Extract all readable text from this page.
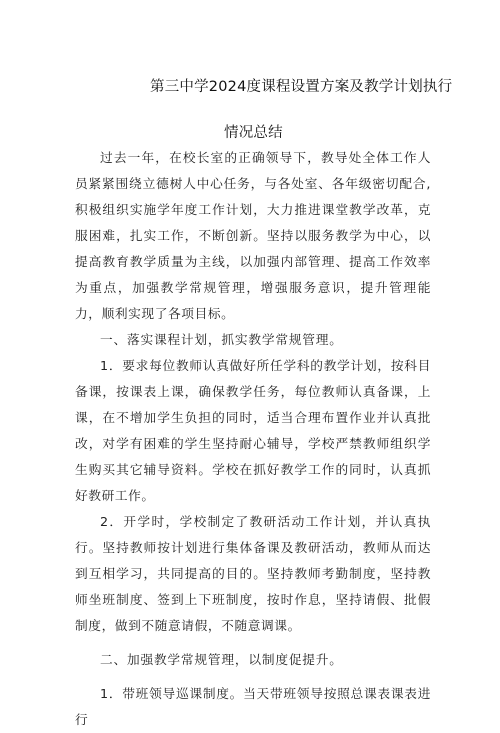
第三中学2024度课程设置方案及教学计划执行
情况总结

过去一年，在校长室的正确领导下，教导处全体工作人员紧紧围绕立德树人中心任务，与各处室、各年级密切配合,积极组织实施学年度工作计划，大力推进课堂教学改革，克服困难，扎实工作，不断创新。坚持以服务教学为中心，以提高教育教学质量为主线，以加强内部管理、提高工作效率为重点，加强教学常规管理，增强服务意识，提升管理能力，顺利实现了各项目标。

一、落实课程计划，抓实教学常规管理。

1．要求每位教师认真做好所任学科的教学计划，按科目备课，按课表上课，确保教学任务，每位教师认真备课，上课，在不增加学生负担的同时，适当合理布置作业并认真批改，对学有困难的学生坚持耐心辅导，学校严禁教师组织学生购买其它辅导资料。学校在抓好教学工作的同时，认真抓好教研工作。

2．开学时，学校制定了教研活动工作计划，并认真执行。坚持教师按计划进行集体备课及教研活动，教师从而达到互相学习，共同提高的目的。坚持教师考勤制度，坚持教师坐班制度、签到上下班制度，按时作息，坚持请假、批假制度，做到不随意请假，不随意调课。

二、加强教学常规管理，以制度促提升。

1．带班领导巡课制度。当天带班领导按照总课表课表进行
